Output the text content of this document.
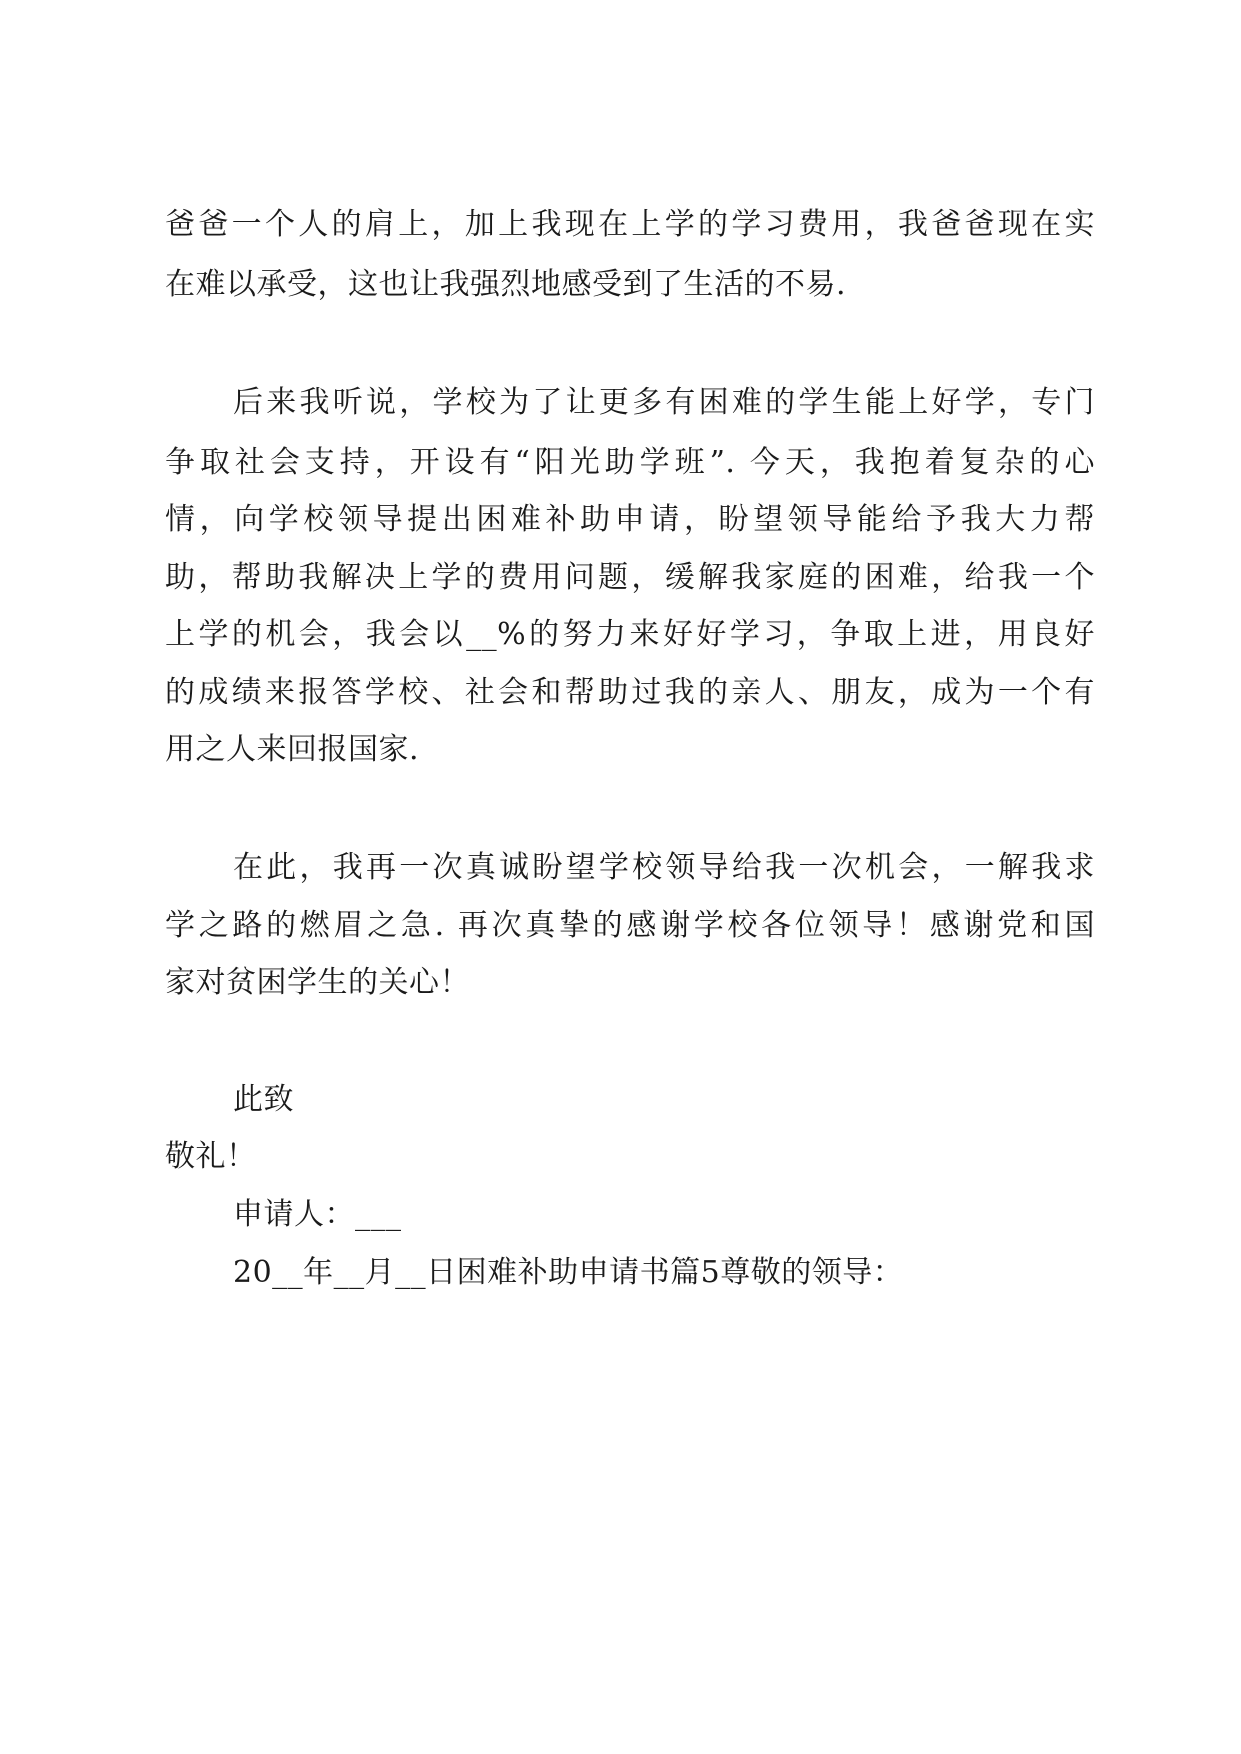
爸爸一个人的肩上，加上我现在上学的学习费用，我爸爸现在实
在难以承受，这也让我强烈地感受到了生活的不易.
后来我听说，学校为了让更多有困难的学生能上好学，专门
争取社会支持，开设有“阳光助学班”. 今天，我抱着复杂的心
情，向学校领导提出困难补助申请，盼望领导能给予我大力帮
助，帮助我解决上学的费用问题，缓解我家庭的困难，给我一个
上学的机会，我会以__%的努力来好好学习，争取上进，用良好
的成绩来报答学校、社会和帮助过我的亲人、朋友，成为一个有
用之人来回报国家.
在此，我再一次真诚盼望学校领导给我一次机会，一解我求
学之路的燃眉之急. 再次真挚的感谢学校各位领导！感谢党和国
家对贫困学生的关心！
此致
敬礼！
申请人：___
20__年__月__日困难补助申请书篇5尊敬的领导：
